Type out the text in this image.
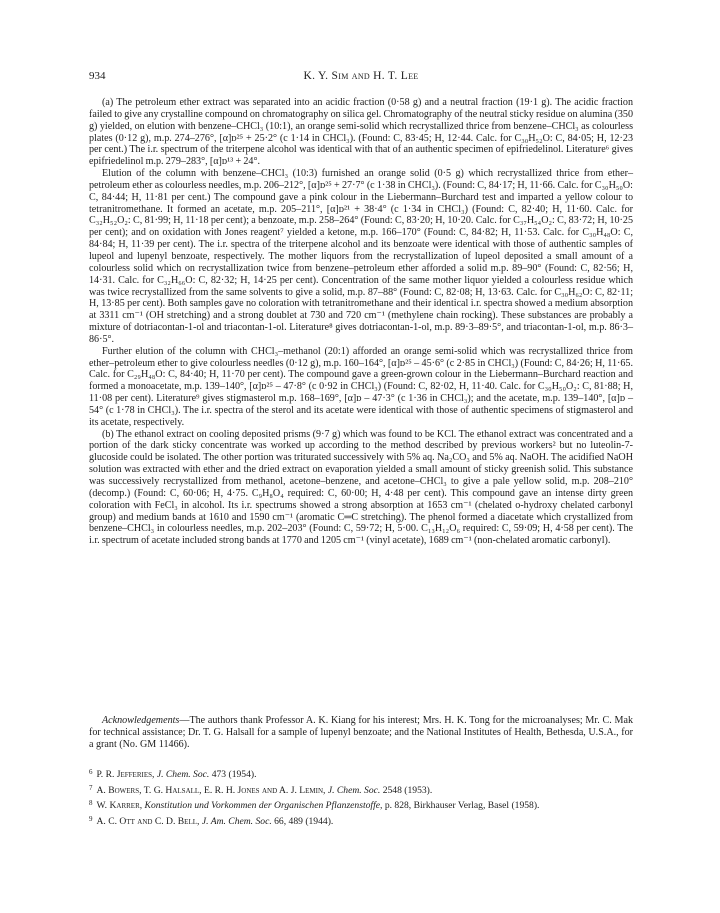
934	K. Y. Sim and H. T. Lee

(a) The petroleum ether extract was separated into an acidic fraction (0·58 g) and a neutral fraction (19·1 g). The acidic fraction failed to give any crystalline compound on chromatography on silica gel. Chromatography of the neutral sticky residue on alumina (350 g) yielded, on elution with benzene–CHCl₃ (10:1), an orange semi-solid which recrystallized thrice from benzene–CHCl₃ as colourless plates (0·12 g), m.p. 274–276°, [α]ᴅ²⁵ + 25·2° (c 1·14 in CHCl₃). (Found: C, 83·45; H, 12·44. Calc. for C₃₀H₅₂O: C, 84·05; H, 12·23 per cent.) The i.r. spectrum of the triterpene alcohol was identical with that of an authentic specimen of epifriedelinol. Literature⁶ gives epifriedelinol m.p. 279–283°, [α]ᴅ¹³ + 24°.

Elution of the column with benzene–CHCl₃ (10:3) furnished an orange solid (0·5 g) which recrystallized thrice from ether–petroleum ether as colourless needles, m.p. 206–212°, [α]ᴅ²⁵ + 27·7° (c 1·38 in CHCl₃). (Found: C, 84·17; H, 11·66. Calc. for C₃₀H₅₀O: C, 84·44; H, 11·81 per cent.) The compound gave a pink colour in the Liebermann–Burchard test and imparted a yellow colour to tetranitromethane. It formed an acetate, m.p. 205–211°, [α]ᴅ²¹ + 38·4° (c 1·34 in CHCl₃) (Found: C, 82·40; H, 11·60. Calc. for C₃₂H₅₂O₂: C, 81·99; H, 11·18 per cent); a benzoate, m.p. 258–264° (Found: C, 83·20; H, 10·20. Calc. for C₃₇H₅₄O₂: C, 83·72; H, 10·25 per cent); and on oxidation with Jones reagent⁷ yielded a ketone, m.p. 166–170° (Found: C, 84·82; H, 11·53. Calc. for C₃₀H₄₈O: C, 84·84; H, 11·39 per cent). The i.r. spectra of the triterpene alcohol and its benzoate were identical with those of authentic samples of lupeol and lupenyl benzoate, respectively. The mother liquors from the recrystallization of lupeol deposited a small amount of a colourless solid which on recrystallization twice from benzene–petroleum ether afforded a solid m.p. 89–90° (Found: C, 82·56; H, 14·31. Calc. for C₃₂H₆₆O: C, 82·32; H, 14·25 per cent). Concentration of the same mother liquor yielded a colourless residue which was twice recrystallized from the same solvents to give a solid, m.p. 87–88° (Found: C, 82·08; H, 13·63. Calc. for C₃₀H₆₂O: C, 82·11; H, 13·85 per cent). Both samples gave no coloration with tetranitromethane and their identical i.r. spectra showed a medium absorption at 3311 cm⁻¹ (OH stretching) and a strong doublet at 730 and 720 cm⁻¹ (methylene chain rocking). These substances are probably a mixture of dotriacontan-1-ol and triacontan-1-ol. Literature⁸ gives dotriacontan-1-ol, m.p. 89·3–89·5°, and triacontan-1-ol, m.p. 86·3–86·5°.

Further elution of the column with CHCl₃–methanol (20:1) afforded an orange semi-solid which was recrystallized thrice from ether–petroleum ether to give colourless needles (0·12 g), m.p. 160–164°, [α]ᴅ²⁵ – 45·6° (c 2·85 in CHCl₃) (Found: C, 84·26; H, 11·65. Calc. for C₂₉H₄₈O: C, 84·40; H, 11·70 per cent). The compound gave a green-grown colour in the Liebermann–Burchard reaction and formed a monoacetate, m.p. 139–140°, [α]ᴅ²⁵ – 47·8° (c 0·92 in CHCl₃) (Found: C, 82·02, H, 11·40. Calc. for C₃₀H₅₀O₂: C, 81·88; H, 11·08 per cent). Literature⁹ gives stigmasterol m.p. 168–169°, [α]ᴅ – 47·3° (c 1·36 in CHCl₃); and the acetate, m.p. 139–140°, [α]ᴅ – 54° (c 1·78 in CHCl₃). The i.r. spectra of the sterol and its acetate were identical with those of authentic specimens of stigmasterol and its acetate, respectively.

(b) The ethanol extract on cooling deposited prisms (9·7 g) which was found to be KCl. The ethanol extract was concentrated and a portion of the dark sticky concentrate was worked up according to the method described by previous workers² but no luteolin-7-glucoside could be isolated. The other portion was triturated successively with 5% aq. Na₂CO₃ and 5% aq. NaOH. The acidified NaOH solution was extracted with ether and the dried extract on evaporation yielded a small amount of sticky greenish solid. This substance was successively recrystallized from methanol, acetone–benzene, and acetone–CHCl₃ to give a pale yellow solid, m.p. 208–210° (decomp.) (Found: C, 60·06; H, 4·75. C₉H₈O₄ required: C, 60·00; H, 4·48 per cent). This compound gave an intense dirty green coloration with FeCl₃ in alcohol. Its i.r. spectrums showed a strong absorption at 1653 cm⁻¹ (chelated o-hydroxy chelated carbonyl group) and medium bands at 1610 and 1590 cm⁻¹ (aromatic C═C stretching). The phenol formed a diacetate which crystallized from benzene–CHCl₃ in colourless needles, m.p. 202–203° (Found: C, 59·72; H, 5·00. C₁₃H₁₂O₆ required: C, 59·09; H, 4·58 per cent). The i.r. spectrum of acetate included strong bands at 1770 and 1205 cm⁻¹ (vinyl acetate), 1689 cm⁻¹ (non-chelated aromatic carbonyl).

Acknowledgements—The authors thank Professor A. K. Kiang for his interest; Mrs. H. K. Tong for the microanalyses; Mr. C. Mak for technical assistance; Dr. T. G. Halsall for a sample of lupenyl benzoate; and the National Institutes of Health, Bethesda, U.S.A., for a grant (No. GM 11466).
$^6$ P. R. Jefferies, J. Chem. Soc. 473 (1954).
$^7$ A. Bowers, T. G. Halsall, E. R. H. Jones and A. J. Lemin, J. Chem. Soc. 2548 (1953).
$^8$ W. Karrer, Konstitution und Vorkommen der Organischen Pflanzenstoffe, p. 828, Birkhauser Verlag, Basel (1958).
$^9$ A. C. Ott and C. D. Bell, J. Am. Chem. Soc. 66, 489 (1944).
